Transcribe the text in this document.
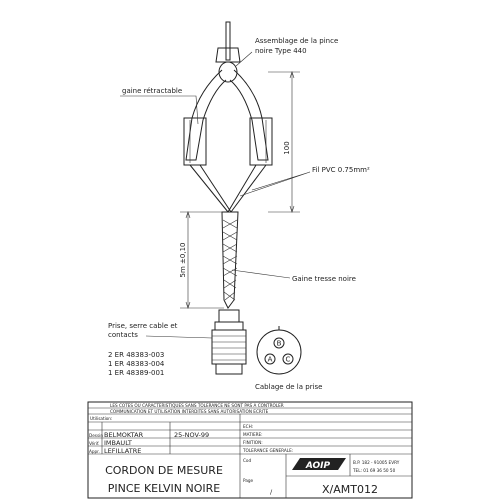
A
B
C
100
5m ±0,10
Assemblage de la pince
noire Type 440
gaine rétractable
Fil PVC 0.75mm²
Gaine tresse noire
Prise, serre cable et
contacts
2 ER 48383-003
1 ER 48383-004
1 ER 48389-001
Cablage de la prise
LES COTES OU CARACTERISTIQUES SANS TOLERANCE NE SONT PAS A CONTROLER
COMMUNICATION ET UTILISATION INTERDITES SANS AUTORISATION ECRITE
Utilisation:
Dessin
Vérif.
Appr.
BELMOKTAR
IMBAULT
LEFILLATRE
25-NOV-99
ECH:
MATIERE:
FINITION:
TOLERANCE GENERALE:
CORDON DE MESURE
PINCE KELVIN NOIRE
Cod
Page
/
AOIP	B.P. 182 - 91005 EVRY
TEL: 01 69 36 50 50
X/AMT012
